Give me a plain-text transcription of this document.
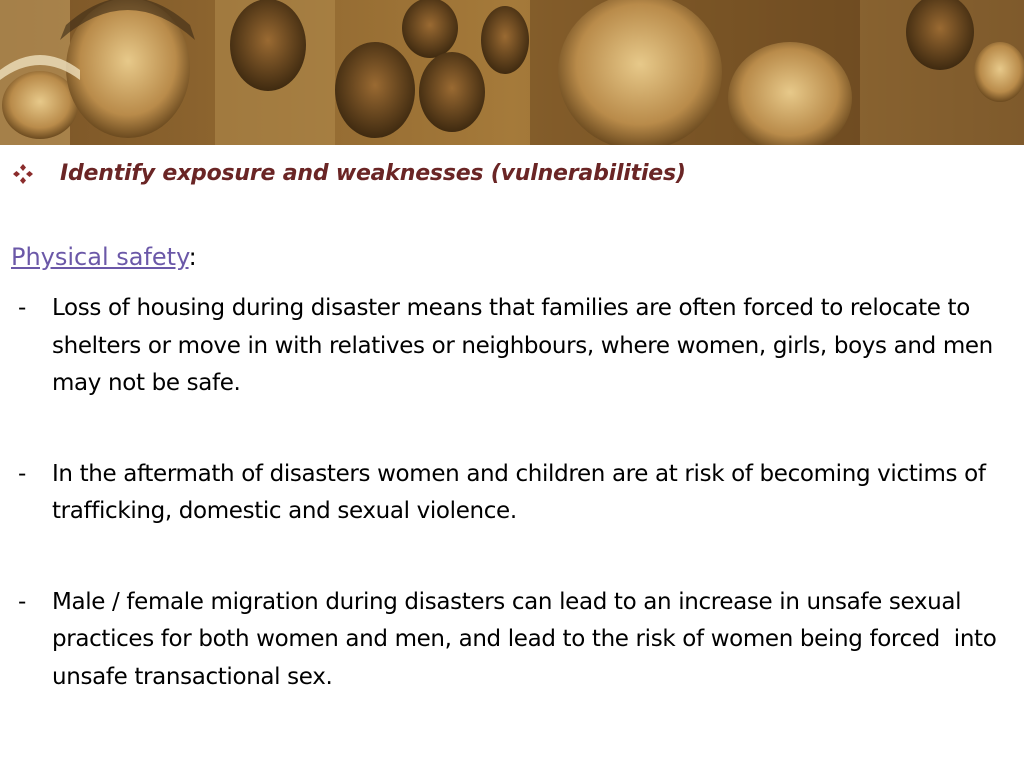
Identify exposure and weaknesses (vulnerabilities)
Physical safety:
-	Loss of housing during disaster means that families are often forced to relocate to shelters or move in with relatives or neighbours, where women, girls, boys and men may not be safe.
-	In the aftermath of disasters women and children are at risk of becoming victims of trafficking, domestic and sexual violence.
-	Male / female migration during disasters can lead to an increase in unsafe sexual practices for both women and men, and lead to the risk of women being forced  into unsafe transactional sex.
